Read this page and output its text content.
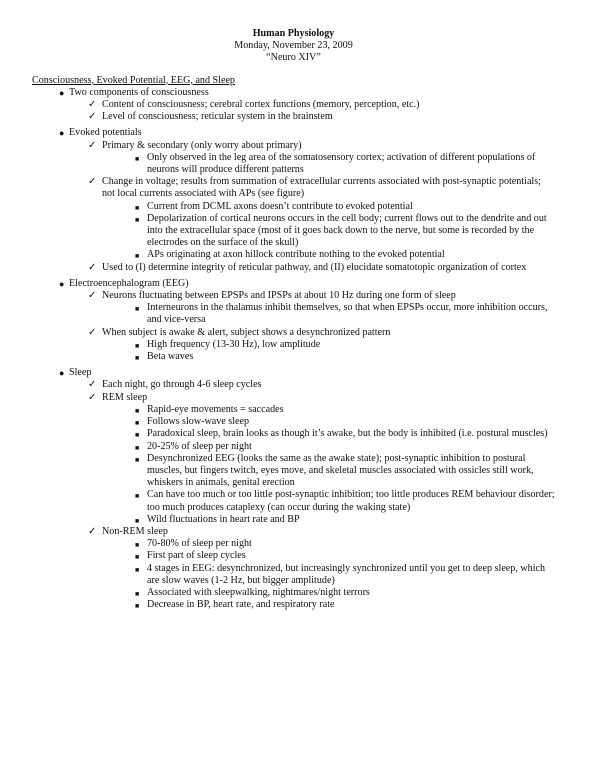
Human Physiology
Monday, November 23, 2009
“Neuro XIV”

Consciousness, Evoked Potential, EEG, and Sleep

● Two components of consciousness
✓ Content of consciousness; cerebral cortex functions (memory, perception, etc.)
✓ Level of consciousness; reticular system in the brainstem
● Evoked potentials
✓ Primary & secondary (only worry about primary)
■ Only observed in the leg area of the somatosensory cortex; activation of different populations of neurons will produce different patterns
✓ Change in voltage; results from summation of extracellular currents associated with post-synaptic potentials; not local currents associated with APs (see figure)
■ Current from DCML axons doesn’t contribute to evoked potential
■ Depolarization of cortical neurons occurs in the cell body; current flows out to the dendrite and out into the extracellular space (most of it goes back down to the nerve, but some is recorded by the electrodes on the surface of the skull)
■ APs originating at axon hillock contribute nothing to the evoked potential
✓ Used to (I) determine integrity of reticular pathway, and (II) elucidate somatotopic organization of cortex
● Electroencephalogram (EEG)
✓ Neurons fluctuating between EPSPs and IPSPs at about 10 Hz during one form of sleep
■ Interneurons in the thalamus inhibit themselves, so that when EPSPs occur, more inhibition occurs, and vice-versa
✓ When subject is awake & alert, subject shows a desynchronized pattern
■ High frequency (13-30 Hz), low amplitude
■ Beta waves
● Sleep
✓ Each night, go through 4-6 sleep cycles
✓ REM sleep
■ Rapid-eye movements = saccades
■ Follows slow-wave sleep
■ Paradoxical sleep, brain looks as though it’s awake, but the body is inhibited (i.e. postural muscles)
■ 20-25% of sleep per night
■ Desynchronized EEG (looks the same as the awake state); post-synaptic inhibition to postural muscles, but fingers twitch, eyes move, and skeletal muscles associated with ossicles still work, whiskers in animals, genital erection
■ Can have too much or too little post-synaptic inhibition; too little produces REM behaviour disorder; too much produces cataplexy (can occur during the waking state)
■ Wild fluctuations in heart rate and BP
✓ Non-REM sleep
■ 70-80% of sleep per night
■ First part of sleep cycles
■ 4 stages in EEG: desynchronized, but increasingly synchronized until you get to deep sleep, which are slow waves (1-2 Hz, but bigger amplitude)
■ Associated with sleepwalking, nightmares/night terrors
■ Decrease in BP, heart rate, and respiratory rate
